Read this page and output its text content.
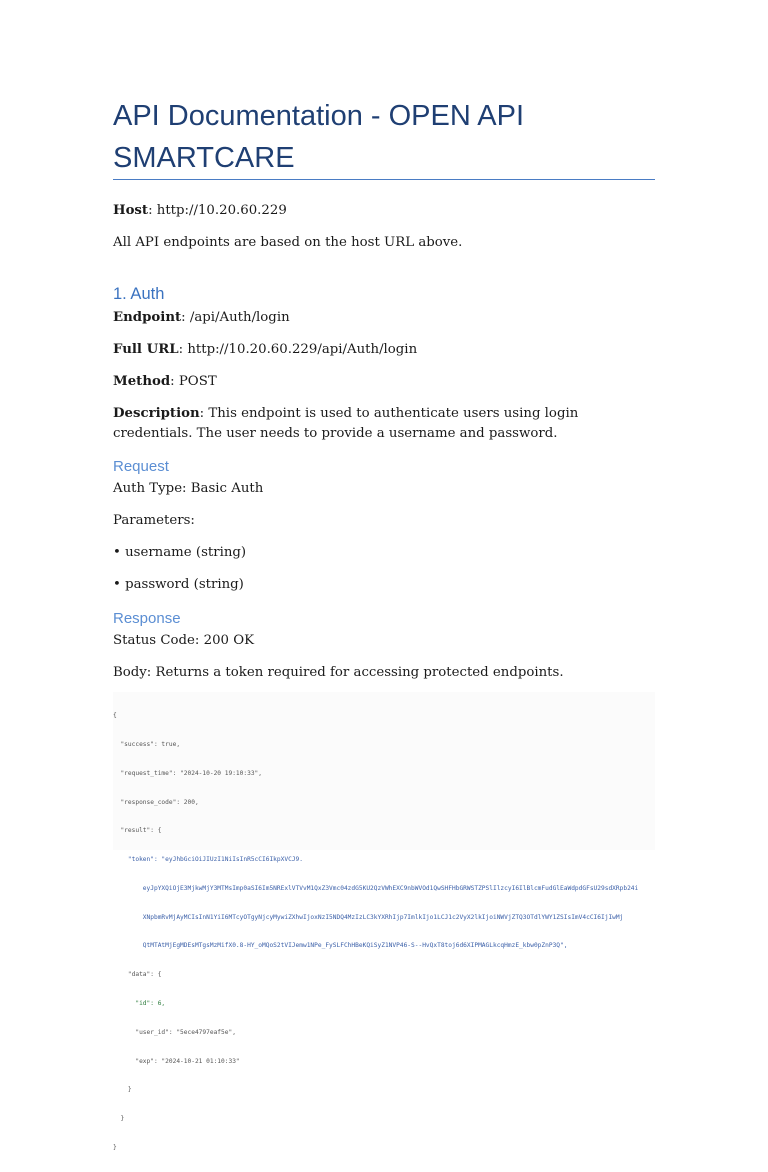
API Documentation - OPEN API SMARTCARE

Host: http://10.20.60.229

All API endpoints are based on the host URL above.

1. Auth

Endpoint: /api/Auth/login

Full URL: http://10.20.60.229/api/Auth/login

Method: POST

Description: This endpoint is used to authenticate users using login credentials. The user needs to provide a username and password.

Request

Auth Type: Basic Auth

Parameters:

• username (string)

• password (string)

Response

Status Code: 200 OK

Body: Returns a token required for accessing protected endpoints.

{

"success": true,

"request_time": "2024-10-20 19:10:33",

"response_code": 200,

"result": {

"token": "eyJhbGciOiJIUzI1NiIsInR5cCI6IkpXVCJ9.

eyJpYXQiOjE3MjkwMjY3MTMsImp0aSI6Im5NRExlVTVvM1QxZ3Vmc04zdG5KU2QzVWhEXC9nbWVOd1QwSHFHbGRWSTZPSlIlzcyI6IlBlcmFudGlEaWdpdGFsU29sdXRpb24i

XNpbmRvMjAyMCIsInN1YiI6MTcyOTgyNjcyMywiZXhwIjoxNzI5NDQ4MzIzLC3kYXRhIjp7ImlkIjo1LCJ1c2VyX2lkIjoiNWVjZTQ3OTdlYWY1ZSIsImV4cCI6IjIwMj

QtMTAtMjEgMDEsMTgsMzMifX0.8-HY_oMQoS2tVIJemw1NPe_FySLFChHBeKQiSyZ1NVP46-S--HvQxT8toj6d6XIPMAGLkcqHmzE_kbw0pZnP3Q",

"data": {

"id": 6,

"user_id": "5ece4797eaf5e",

"exp": "2024-10-21 01:10:33"

}

}

}
